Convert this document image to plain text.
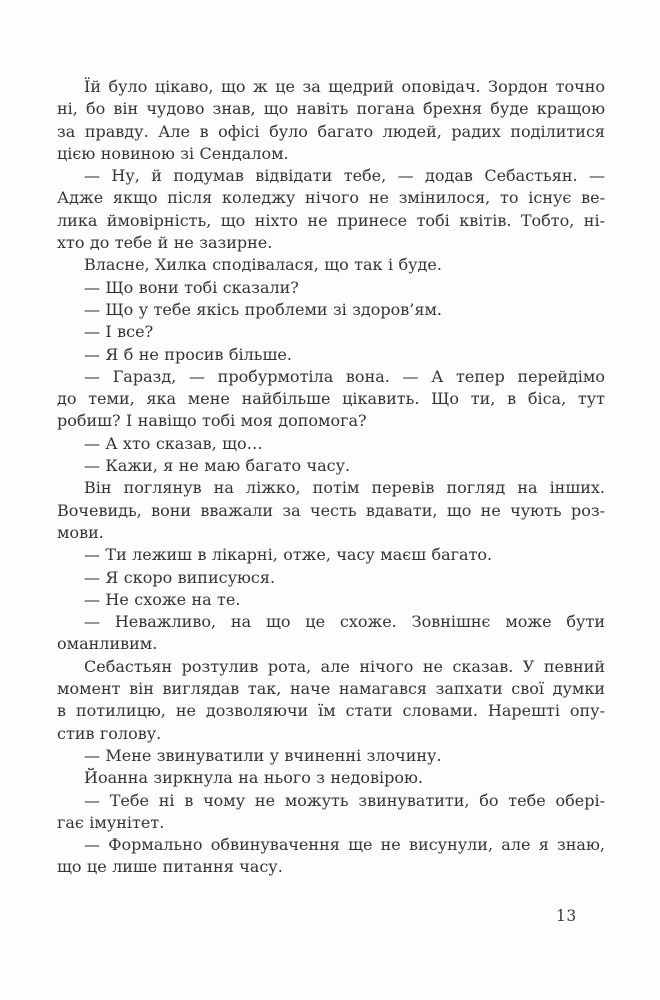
Їй було цікаво, що ж це за щедрий оповідач. Зордон точно
ні, бо він чудово знав, що навіть погана брехня буде кращою
за правду. Але в офісі було багато людей, радих поділитися
цією новиною зі Сендалом.
— Ну, й подумав відвідати тебе, — додав Себастьян. —
Адже якщо після коледжу нічого не змінилося, то існує ве-
лика ймовірність, що ніхто не принесе тобі квітів. Тобто, ні-
хто до тебе й не зазирне.
Власне, Хилка сподівалася, що так і буде.
— Що вони тобі сказали?
— Що у тебе якісь проблеми зі здоров’ям.
— І все?
— Я б не просив більше.
— Гаразд, — пробурмотіла вона. — А тепер перейдімо
до теми, яка мене найбільше цікавить. Що ти, в біса, тут
робиш? І навіщо тобі моя допомога?
— А хто сказав, що…
— Кажи, я не маю багато часу.
Він поглянув на ліжко, потім перевів погляд на інших.
Вочевидь, вони вважали за честь вдавати, що не чують роз-
мови.
— Ти лежиш в лікарні, отже, часу маєш багато.
— Я скоро виписуюся.
— Не схоже на те.
— Неважливо, на що це схоже. Зовнішнє може бути
оманливим.
Себастьян розтулив рота, але нічого не сказав. У певний
момент він виглядав так, наче намагався запхати свої думки
в потилицю, не дозволяючи їм стати словами. Нарешті опу-
стив голову.
— Мене звинуватили у вчиненні злочину.
Йоанна зиркнула на нього з недовірою.
— Тебе ні в чому не можуть звинуватити, бо тебе обері-
гає імунітет.
— Формально обвинувачення ще не висунули, але я знаю,
що це лише питання часу.
13
